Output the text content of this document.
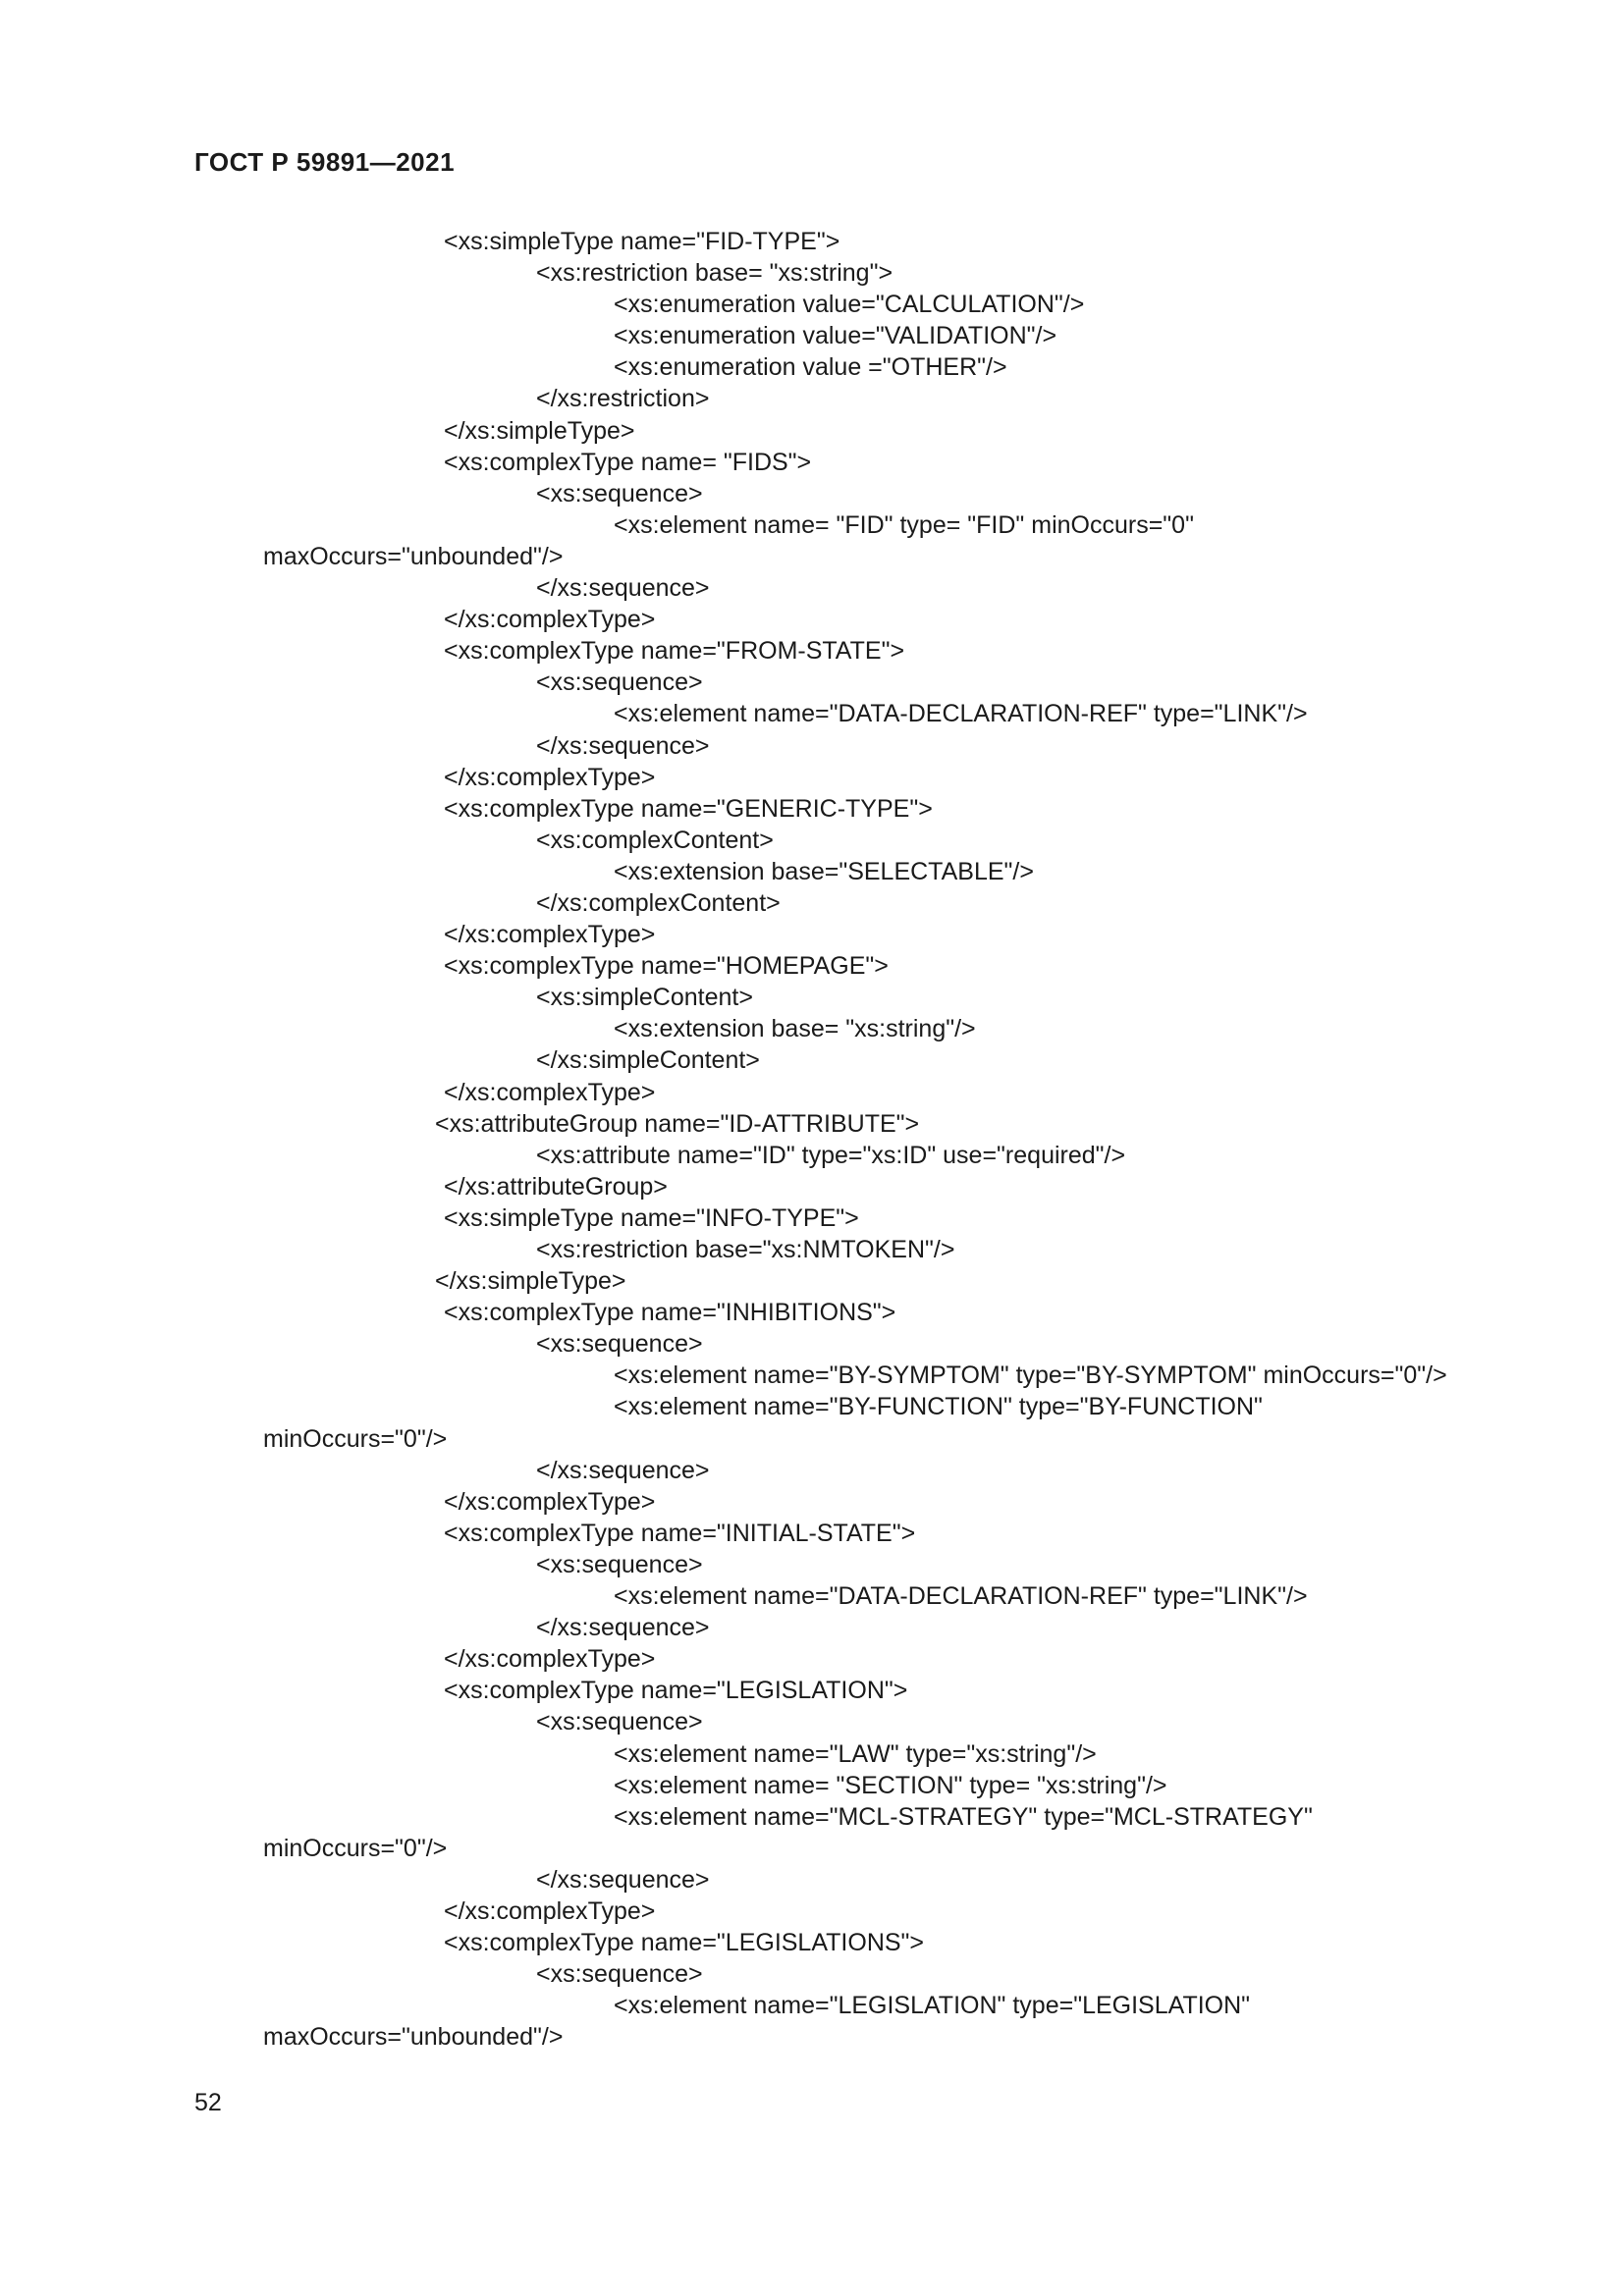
ГОСТ Р 59891—2021
<xs:simpleType name="FID-TYPE">
<xs:restriction base= "xs:string">
<xs:enumeration value="CALCULATION"/>
<xs:enumeration value="VALIDATION"/>
<xs:enumeration value ="OTHER"/>
</xs:restriction>
</xs:simpleType>
<xs:complexType name= "FIDS">
<xs:sequence>
<xs:element name= "FID" type= "FID" minOccurs="0"
maxOccurs="unbounded"/>
</xs:sequence>
</xs:complexType>
<xs:complexType name="FROM-STATE">
<xs:sequence>
<xs:element name="DATA-DECLARATION-REF" type="LINK"/>
</xs:sequence>
</xs:complexType>
<xs:complexType name="GENERIC-TYPE">
<xs:complexContent>
<xs:extension base="SELECTABLE"/>
</xs:complexContent>
</xs:complexType>
<xs:complexType name="HOMEPAGE">
<xs:simpleContent>
<xs:extension base= "xs:string"/>
</xs:simpleContent>
</xs:complexType>
<xs:attributeGroup name="ID-ATTRIBUTE">
<xs:attribute name="ID" type="xs:ID" use="required"/>
</xs:attributeGroup>
<xs:simpleType name="INFO-TYPE">
<xs:restriction base="xs:NMTOKEN"/>
</xs:simpleType>
<xs:complexType name="INHIBITIONS">
<xs:sequence>
<xs:element name="BY-SYMPTOM" type="BY-SYMPTOM" minOccurs="0"/>
<xs:element name="BY-FUNCTION" type="BY-FUNCTION"
minOccurs="0"/>
</xs:sequence>
</xs:complexType>
<xs:complexType name="INITIAL-STATE">
<xs:sequence>
<xs:element name="DATA-DECLARATION-REF" type="LINK"/>
</xs:sequence>
</xs:complexType>
<xs:complexType name="LEGISLATION">
<xs:sequence>
<xs:element name="LAW" type="xs:string"/>
<xs:element name= "SECTION" type= "xs:string"/>
<xs:element name="MCL-STRATEGY" type="MCL-STRATEGY"
minOccurs="0"/>
</xs:sequence>
</xs:complexType>
<xs:complexType name="LEGISLATIONS">
<xs:sequence>
<xs:element name="LEGISLATION" type="LEGISLATION"
maxOccurs="unbounded"/>

52
